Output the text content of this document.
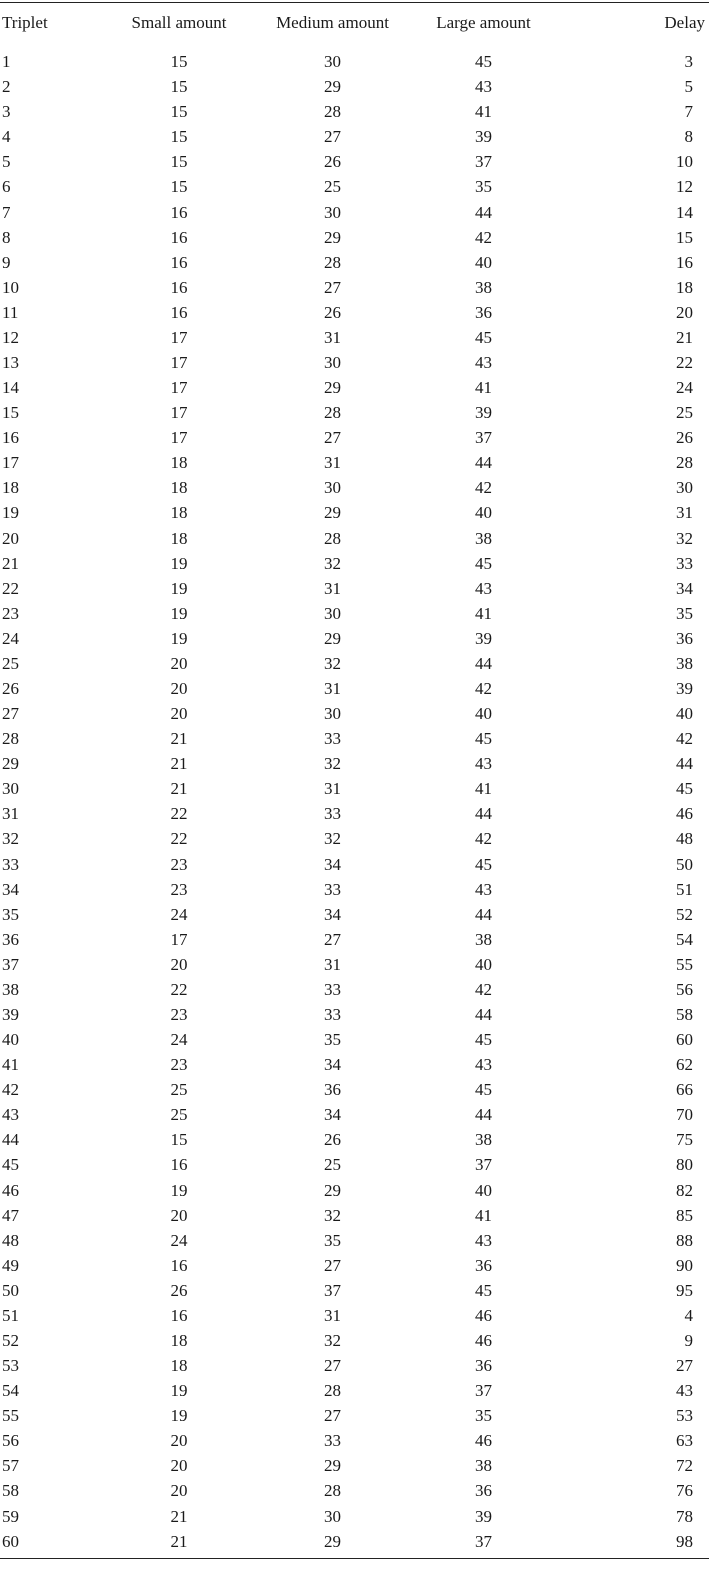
Triplet	Small amount	Medium amount	Large amount	Delay
1	15	30	45	3
2	15	29	43	5
3	15	28	41	7
4	15	27	39	8
5	15	26	37	10
6	15	25	35	12
7	16	30	44	14
8	16	29	42	15
9	16	28	40	16
10	16	27	38	18
11	16	26	36	20
12	17	31	45	21
13	17	30	43	22
14	17	29	41	24
15	17	28	39	25
16	17	27	37	26
17	18	31	44	28
18	18	30	42	30
19	18	29	40	31
20	18	28	38	32
21	19	32	45	33
22	19	31	43	34
23	19	30	41	35
24	19	29	39	36
25	20	32	44	38
26	20	31	42	39
27	20	30	40	40
28	21	33	45	42
29	21	32	43	44
30	21	31	41	45
31	22	33	44	46
32	22	32	42	48
33	23	34	45	50
34	23	33	43	51
35	24	34	44	52
36	17	27	38	54
37	20	31	40	55
38	22	33	42	56
39	23	33	44	58
40	24	35	45	60
41	23	34	43	62
42	25	36	45	66
43	25	34	44	70
44	15	26	38	75
45	16	25	37	80
46	19	29	40	82
47	20	32	41	85
48	24	35	43	88
49	16	27	36	90
50	26	37	45	95
51	16	31	46	4
52	18	32	46	9
53	18	27	36	27
54	19	28	37	43
55	19	27	35	53
56	20	33	46	63
57	20	29	38	72
58	20	28	36	76
59	21	30	39	78
60	21	29	37	98
